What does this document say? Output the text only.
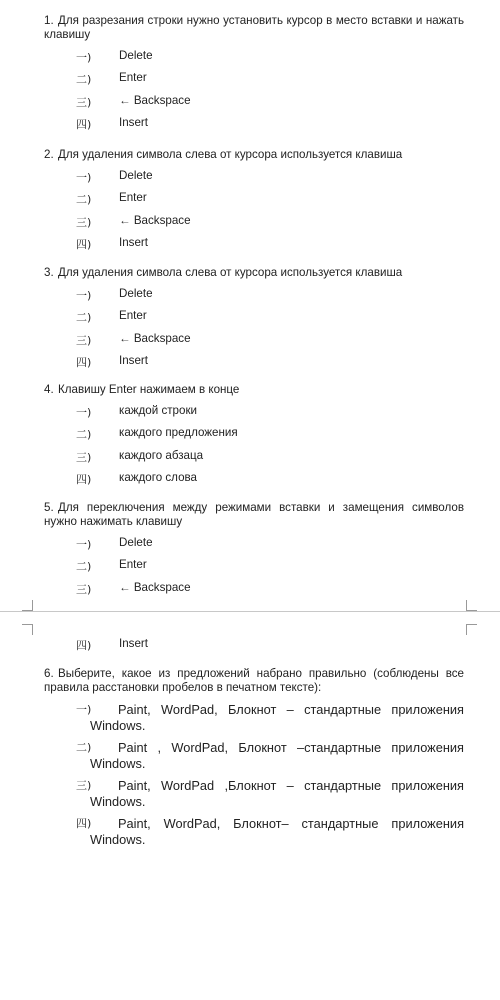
1. Для разрезания строки нужно установить курсор в место вставки и нажать клавишу

一)	Delete
二)	Enter
三)	← Backspace
四)	Insert

2. Для удаления символа слева от курсора используется клавиша

一)	Delete
二)	Enter
三)	← Backspace
四)	Insert

3. Для удаления символа слева от курсора используется клавиша

一)	Delete
二)	Enter
三)	← Backspace
四)	Insert

4. Клавишу Enter нажимаем в конце

一)	каждой строки
二)	каждого предложения
三)	каждого абзаца
四)	каждого слова

5. Для переключения между режимами вставки и замещения символов нужно нажимать клавишу

一)	Delete
二)	Enter
三)	← Backspace
四)	Insert

6. Выберите, какое из предложений набрано правильно (соблюдены все правила расстановки пробелов в печатном тексте):

一)	Paint, WordPad, Блокнот – стандартные приложения Windows.
二)	Paint , WordPad, Блокнот –стандартные приложения Windows.
三)	Paint, WordPad ,Блокнот – стандартные приложения Windows.
四)	Paint, WordPad, Блокнот– стандартные приложения Windows.
